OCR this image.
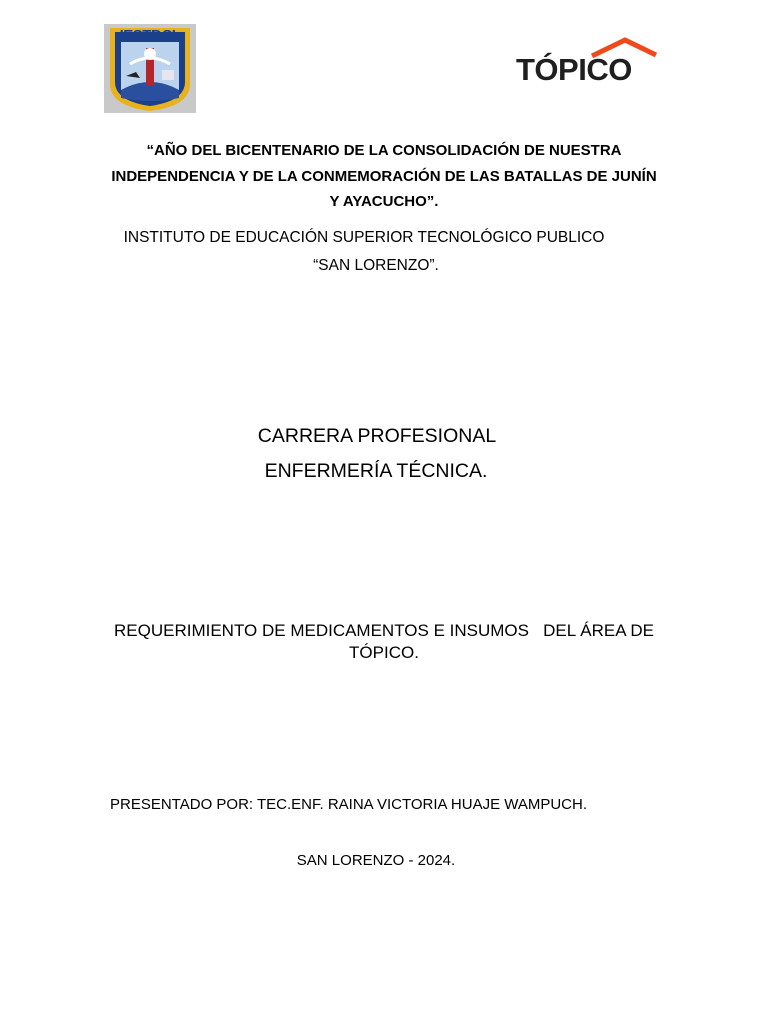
IESTP.SL
TÓPICO
“AÑO DEL BICENTENARIO DE LA CONSOLIDACIÓN DE NUESTRA INDEPENDENCIA Y DE LA CONMEMORACIÓN DE LAS BATALLAS DE JUNÍN Y AYACUCHO”.
INSTITUTO DE EDUCACIÓN SUPERIOR TECNOLÓGICO PUBLICO
“SAN LORENZO”.
CARRERA PROFESIONAL
ENFERMERÍA TÉCNICA.
REQUERIMIENTO DE MEDICAMENTOS E INSUMOS   DEL ÁREA DE TÓPICO.
PRESENTADO POR: TEC.ENF. RAINA VICTORIA HUAJE WAMPUCH.
SAN LORENZO - 2024.
